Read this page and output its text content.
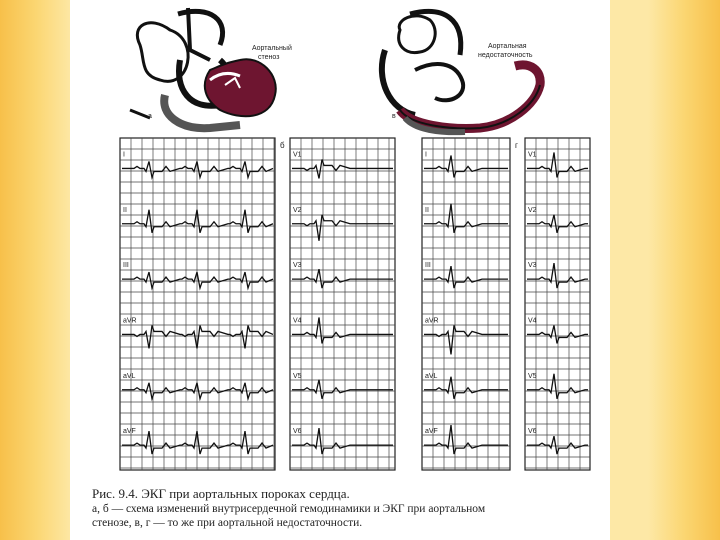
а
Аортальный стеноз
в
Аортальная недостаточность
I
II
III
aVR
aVL
aVF
б
V1
V2
V3
V4
V5
V6
I
II
III
aVR
aVL
aVF
г
V1
V2
V3
V4
V5
V6
Рис. 9.4. ЭКГ при аортальных пороках сердца.
а, б — схема изменений внутрисердечной гемодинамики и ЭКГ при аортальном
стенозе, в, г — то же при аортальной недостаточности.
